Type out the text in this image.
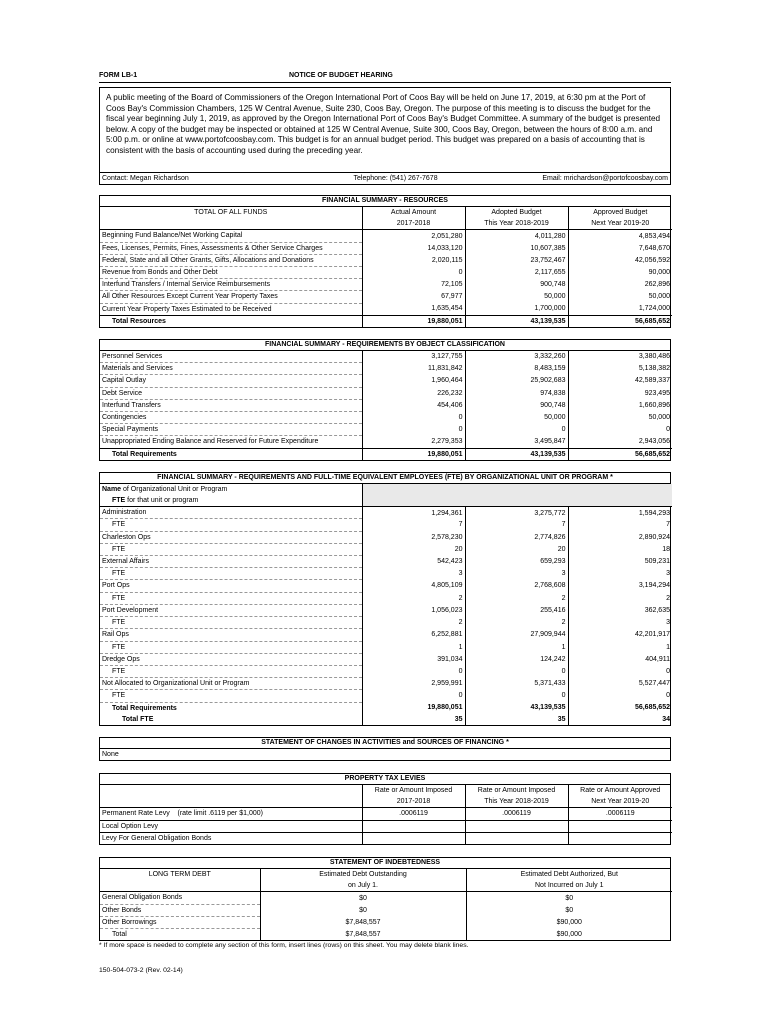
FORM LB-1	NOTICE OF BUDGET HEARING
A public meeting of the Board of Commissioners of the Oregon International Port of Coos Bay will be held on June 17, 2019, at 6:30 pm at the Port of Coos Bay's Commission Chambers, 125 W Central Avenue, Suite 230, Coos Bay, Oregon. The purpose of this meeting is to discuss the budget for the fiscal year beginning July 1, 2019, as approved by the Oregon International Port of Coos Bay's Budget Committee. A summary of the budget is presented below. A copy of the budget may be inspected or obtained at 125 W Central Avenue, Suite 300, Coos Bay, Oregon, between the hours of 8:00 a.m. and 5:00 p.m. or online at www.portofcoosbay.com. This budget is for an annual budget period. This budget was prepared on a basis of accounting that is consistent with the basis of accounting used during the preceding year.
Contact: Megan Richardson	Telephone: (541) 267-7678	Email: mrichardson@portofcoosbay.com
FINANCIAL SUMMARY - RESOURCES
TOTAL OF ALL FUNDS	Actual Amount	Adopted Budget	Approved Budget
	2017-2018	This Year 2018-2019	Next Year 2019-20
Beginning Fund Balance/Net Working Capital	2,051,280	4,011,280	4,853,494
Fees, Licenses, Permits, Fines, Assessments & Other Service Charges	14,033,120	10,607,385	7,648,670
Federal, State and all Other Grants, Gifts, Allocations and Donations	2,020,115	23,752,467	42,056,592
Revenue from Bonds and Other Debt	0	2,117,655	90,000
Interfund Transfers / Internal Service Reimbursements	72,105	900,748	262,896
All Other Resources Except Current Year Property Taxes	67,977	50,000	50,000
Current Year Property Taxes Estimated to be Received	1,635,454	1,700,000	1,724,000
Total Resources	19,880,051	43,139,535	56,685,652
FINANCIAL SUMMARY - REQUIREMENTS BY OBJECT CLASSIFICATION
Personnel Services	3,127,755	3,332,260	3,380,486
Materials and Services	11,831,842	8,483,159	5,138,382
Capital Outlay	1,960,464	25,902,683	42,589,337
Debt Service	226,232	974,838	923,495
Interfund Transfers	454,406	900,748	1,660,896
Contingencies	0	50,000	50,000
Special Payments	0	0	0
Unappropriated Ending Balance and Reserved for Future Expenditure	2,279,353	3,495,847	2,943,056
Total Requirements	19,880,051	43,139,535	56,685,652
FINANCIAL SUMMARY - REQUIREMENTS AND FULL-TIME EQUIVALENT EMPLOYEES (FTE) BY ORGANIZATIONAL UNIT OR PROGRAM *
Name of Organizational Unit or Program			
FTE for that unit or program			
Administration	1,294,361	3,275,772	1,594,293
FTE	7	7	7
Charleston Ops	2,578,230	2,774,826	2,890,924
FTE	20	20	18
External Affairs	542,423	659,293	509,231
FTE	3	3	3
Port Ops	4,805,109	2,768,608	3,194,294
FTE	2	2	2
Port Development	1,056,023	255,416	362,635
FTE	2	2	3
Rail Ops	6,252,881	27,909,944	42,201,917
FTE	1	1	1
Dredge Ops	391,034	124,242	404,911
FTE	0	0	0
Not Allocated to Organizational Unit or Program	2,959,991	5,371,433	5,527,447
FTE	0	0	0
Total Requirements	19,880,051	43,139,535	56,685,652
Total FTE	35	35	34
STATEMENT OF CHANGES IN ACTIVITIES and SOURCES OF FINANCING *
None
PROPERTY TAX LEVIES
	Rate or Amount Imposed	Rate or Amount Imposed	Rate or Amount Approved
	2017-2018	This Year 2018-2019	Next Year 2019-20
Permanent Rate Levy (rate limit .6119 per $1,000)	.0006119	.0006119	.0006119
Local Option Levy			
Levy For General Obligation Bonds			
STATEMENT OF INDEBTEDNESS
LONG TERM DEBT	Estimated Debt Outstanding	Estimated Debt Authorized, But
	on July 1.	Not Incurred on July 1
General Obligation Bonds	$0	$0
Other Bonds	$0	$0
Other Borrowings	$7,848,557	$90,000
Total	$7,848,557	$90,000
* If more space is needed to complete any section of this form, insert lines (rows) on this sheet. You may delete blank lines.
150-504-073-2 (Rev. 02-14)
